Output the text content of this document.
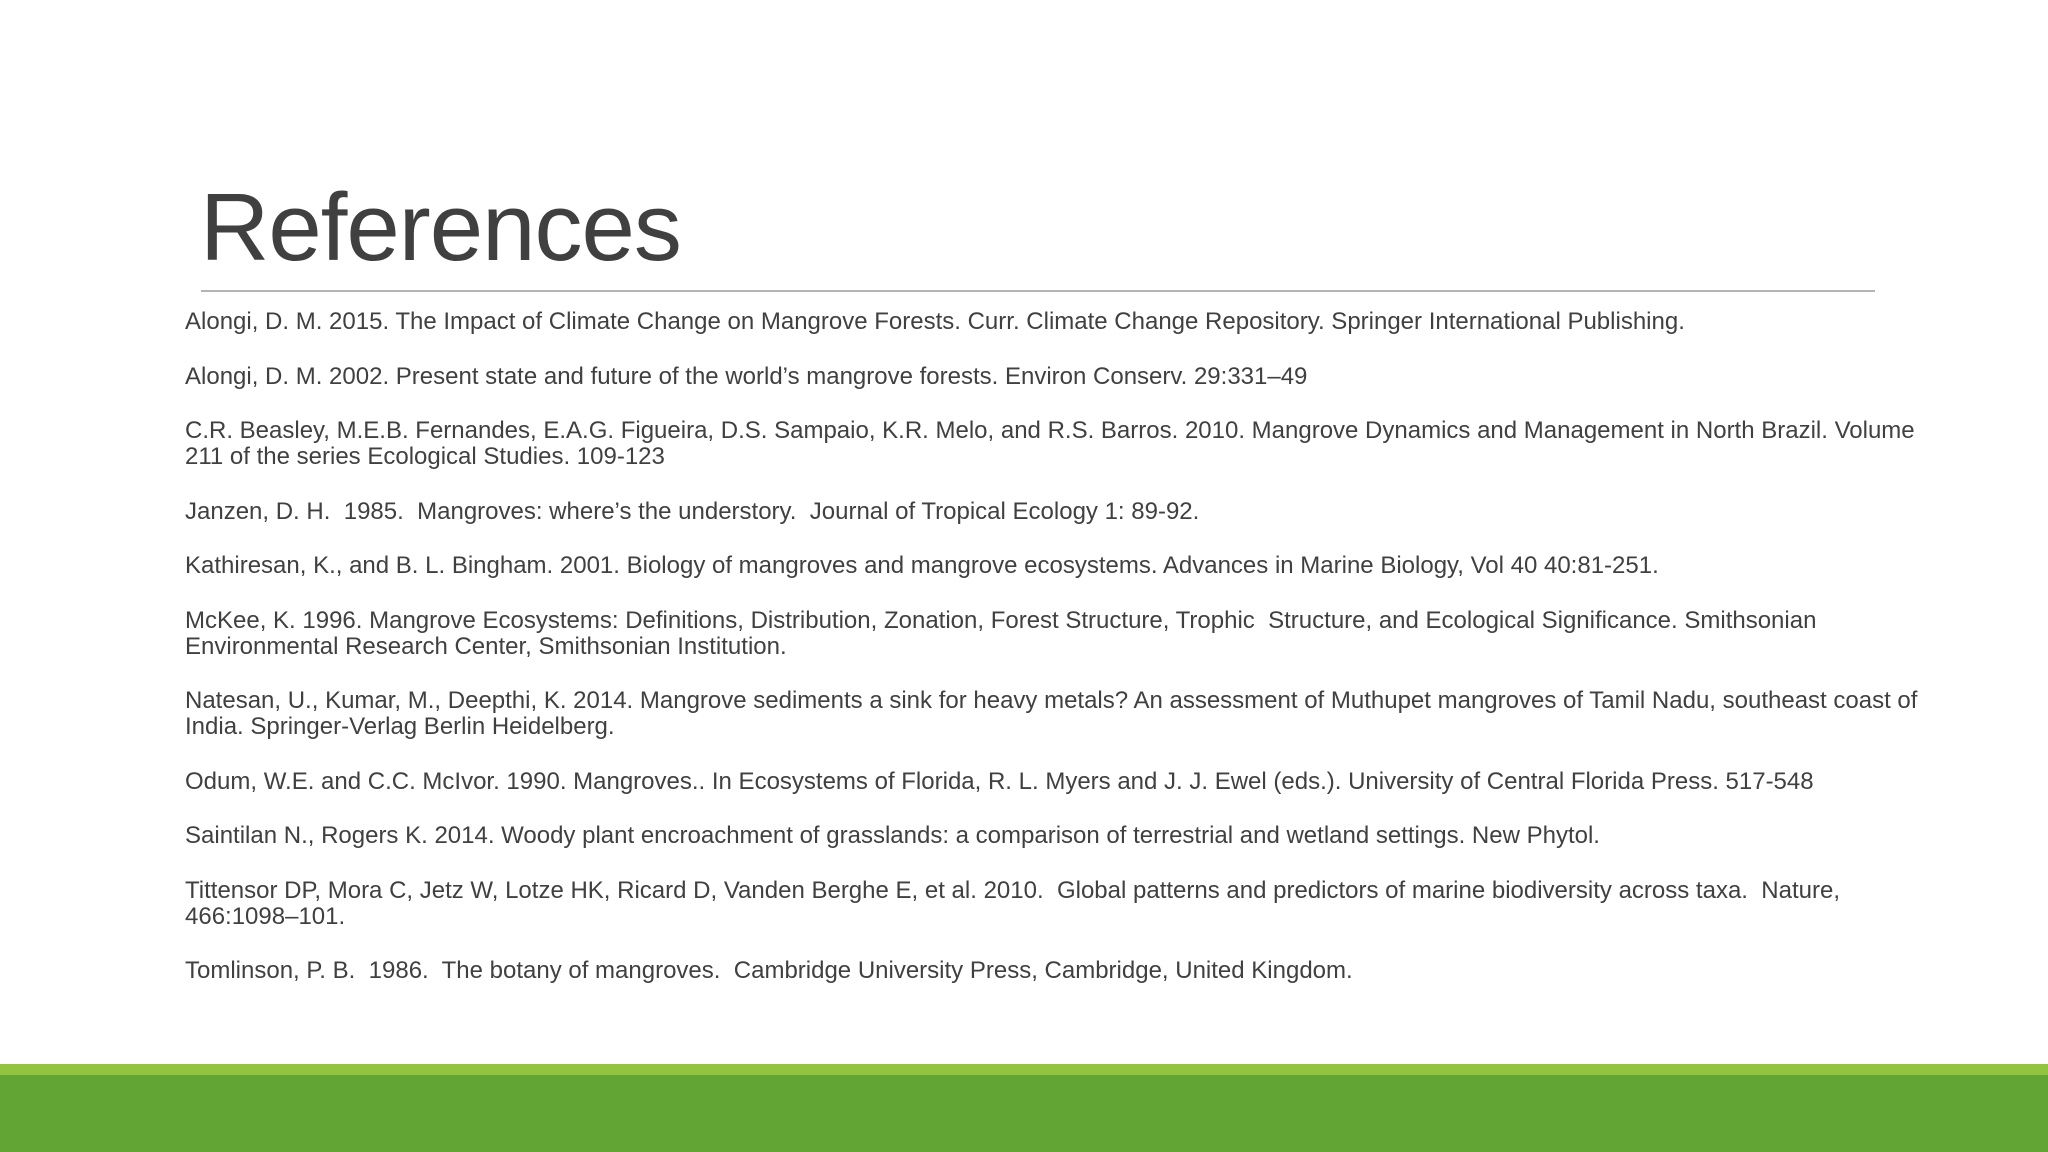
References
Alongi, D. M. 2015. The Impact of Climate Change on Mangrove Forests. Curr. Climate Change Repository. Springer International Publishing.
Alongi, D. M. 2002. Present state and future of the world’s mangrove forests. Environ Conserv. 29:331–49
C.R. Beasley, M.E.B. Fernandes, E.A.G. Figueira, D.S. Sampaio, K.R. Melo, and R.S. Barros. 2010. Mangrove Dynamics and Management in North Brazil. Volume 211 of the series Ecological Studies. 109-123
Janzen, D. H.  1985.  Mangroves: where’s the understory.  Journal of Tropical Ecology 1: 89-92.
Kathiresan, K., and B. L. Bingham. 2001. Biology of mangroves and mangrove ecosystems. Advances in Marine Biology, Vol 40 40:81-251.
McKee, K. 1996. Mangrove Ecosystems: Definitions, Distribution, Zonation, Forest Structure, Trophic  Structure, and Ecological Significance. Smithsonian Environmental Research Center, Smithsonian Institution.
Natesan, U., Kumar, M., Deepthi, K. 2014. Mangrove sediments a sink for heavy metals? An assessment of Muthupet mangroves of Tamil Nadu, southeast coast of India. Springer-Verlag Berlin Heidelberg.
Odum, W.E. and C.C. McIvor. 1990. Mangroves.. In Ecosystems of Florida, R. L. Myers and J. J. Ewel (eds.). University of Central Florida Press. 517-548
Saintilan N., Rogers K. 2014. Woody plant encroachment of grasslands: a comparison of terrestrial and wetland settings. New Phytol.
Tittensor DP, Mora C, Jetz W, Lotze HK, Ricard D, Vanden Berghe E, et al. 2010.  Global patterns and predictors of marine biodiversity across taxa.  Nature, 466:1098–101.
Tomlinson, P. B.  1986.  The botany of mangroves.  Cambridge University Press, Cambridge, United Kingdom.
